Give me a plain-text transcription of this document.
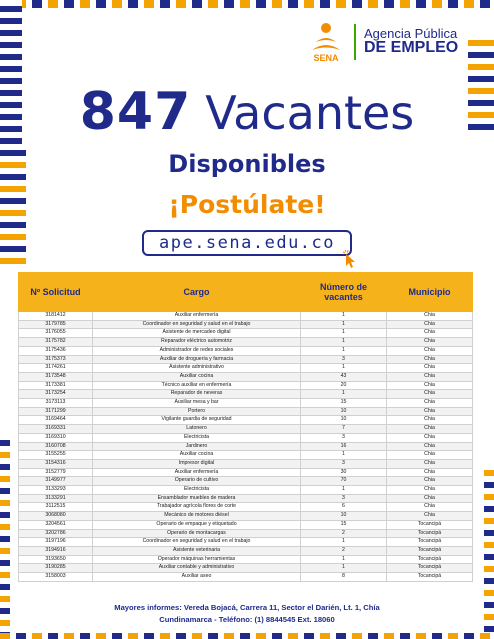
SENA
Agencia Pública
DE EMPLEO
847 Vacantes
Disponibles
¡Postúlate!
ape.sena.edu.co
Nº Solicitud	Cargo	Número de vacantes	Municipio
3181412	Auxiliar enfermería	1	Chia
3179785	Coordinador en seguridad y salud en el trabajo	1	Chia
3176055	Asistente de mercadeo digital	1	Chia
3175782	Reparador eléctrico automotriz	1	Chia
3175436	Administrador de redes sociales	1	Chia
3175373	Auxiliar de droguería y farmacia	3	Chia
3174261	Asistente administrativo	1	Chia
3173548	Auxiliar cocina	43	Chia
3173381	Técnico auxiliar en enfermería	20	Chia
3173254	Reparador de neveras	1	Chia
3173113	Auxiliar mesa y bar	15	Chia
3171299	Portero	10	Chia
3169464	Vigilante guardia de seguridad	10	Chia
3169331	Latonero	7	Chia
3169310	Electricista	3	Chia
3160708	Jardinero	16	Chia
3155255	Auxiliar cocina	1	Chia
3154316	Impresor digital	3	Chia
3152779	Auxiliar enfermería	30	Chia
3149977	Operario de cultivo	70	Chia
3133293	Electricista	1	Chia
3133291	Ensamblador muebles de madera	3	Chia
3112515	Trabajador agrícola flores de corte	6	Chia
3068080	Mecánico de motores diésel	10	Chia
3204561	Operario de empaque y etiquetado	15	Tocancipá
3202786	Operario de montacargas	2	Tocancipá
3197196	Coordinador en seguridad y salud en el trabajo	1	Tocancipá
3194916	Asistente veterinaria	2	Tocancipá
3193650	Operador máquinas herramientas	1	Tocancipá
3190285	Auxiliar contable y administrativo	1	Tocancipá
3158003	Auxiliar aseo	8	Tocancipá
Mayores informes: Vereda Bojacá, Carrera 11, Sector el Darién, Lt. 1, Chía
Cundinamarca - Teléfono: (1) 8844545 Ext. 18060
